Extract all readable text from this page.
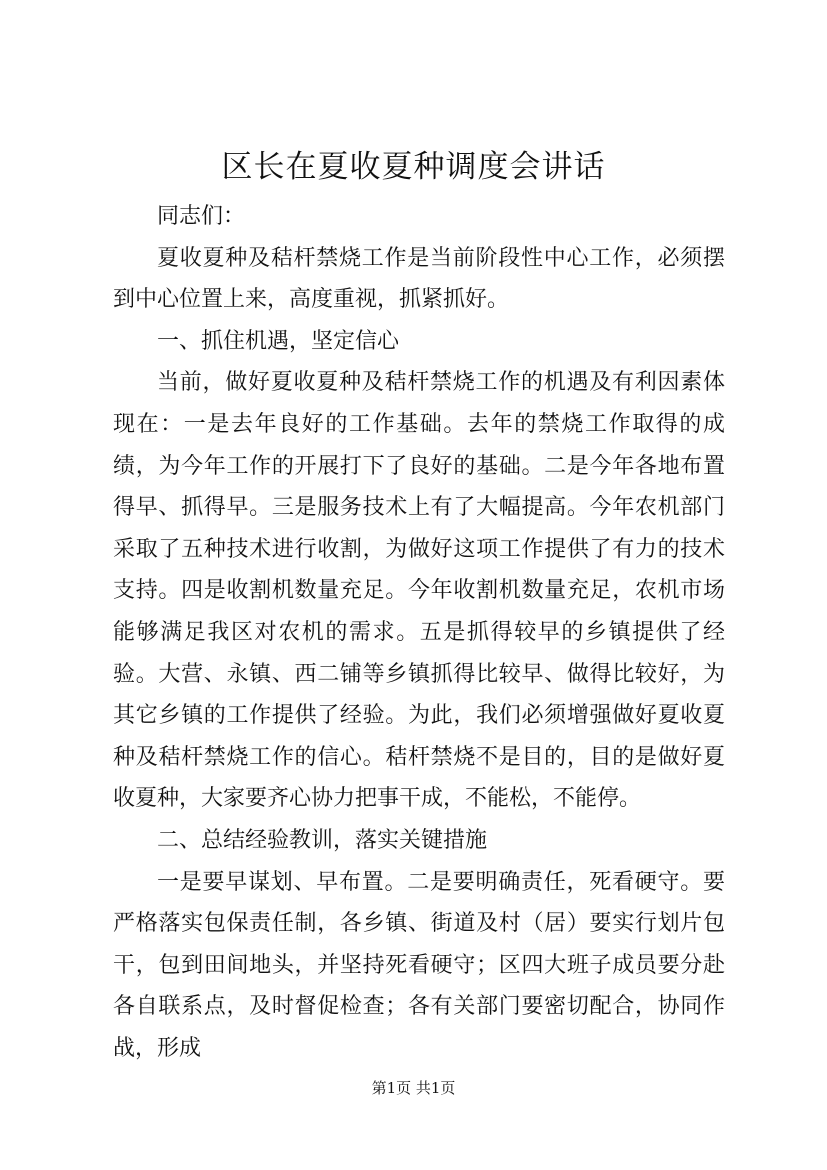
区长在夏收夏种调度会讲话

同志们：

夏收夏种及秸杆禁烧工作是当前阶段性中心工作，必须摆到中心位置上来，高度重视，抓紧抓好。

一、抓住机遇，坚定信心

当前，做好夏收夏种及秸杆禁烧工作的机遇及有利因素体现在：一是去年良好的工作基础。去年的禁烧工作取得的成绩，为今年工作的开展打下了良好的基础。二是今年各地布置得早、抓得早。三是服务技术上有了大幅提高。今年农机部门采取了五种技术进行收割，为做好这项工作提供了有力的技术支持。四是收割机数量充足。今年收割机数量充足，农机市场能够满足我区对农机的需求。五是抓得较早的乡镇提供了经验。大营、永镇、西二铺等乡镇抓得比较早、做得比较好，为其它乡镇的工作提供了经验。为此，我们必须增强做好夏收夏种及秸杆禁烧工作的信心。秸杆禁烧不是目的，目的是做好夏收夏种，大家要齐心协力把事干成，不能松，不能停。

二、总结经验教训，落实关键措施

一是要早谋划、早布置。二是要明确责任，死看硬守。要严格落实包保责任制，各乡镇、街道及村（居）要实行划片包干，包到田间地头，并坚持死看硬守；区四大班子成员要分赴各自联系点，及时督促检查；各有关部门要密切配合，协同作战，形成

第1页 共1页
